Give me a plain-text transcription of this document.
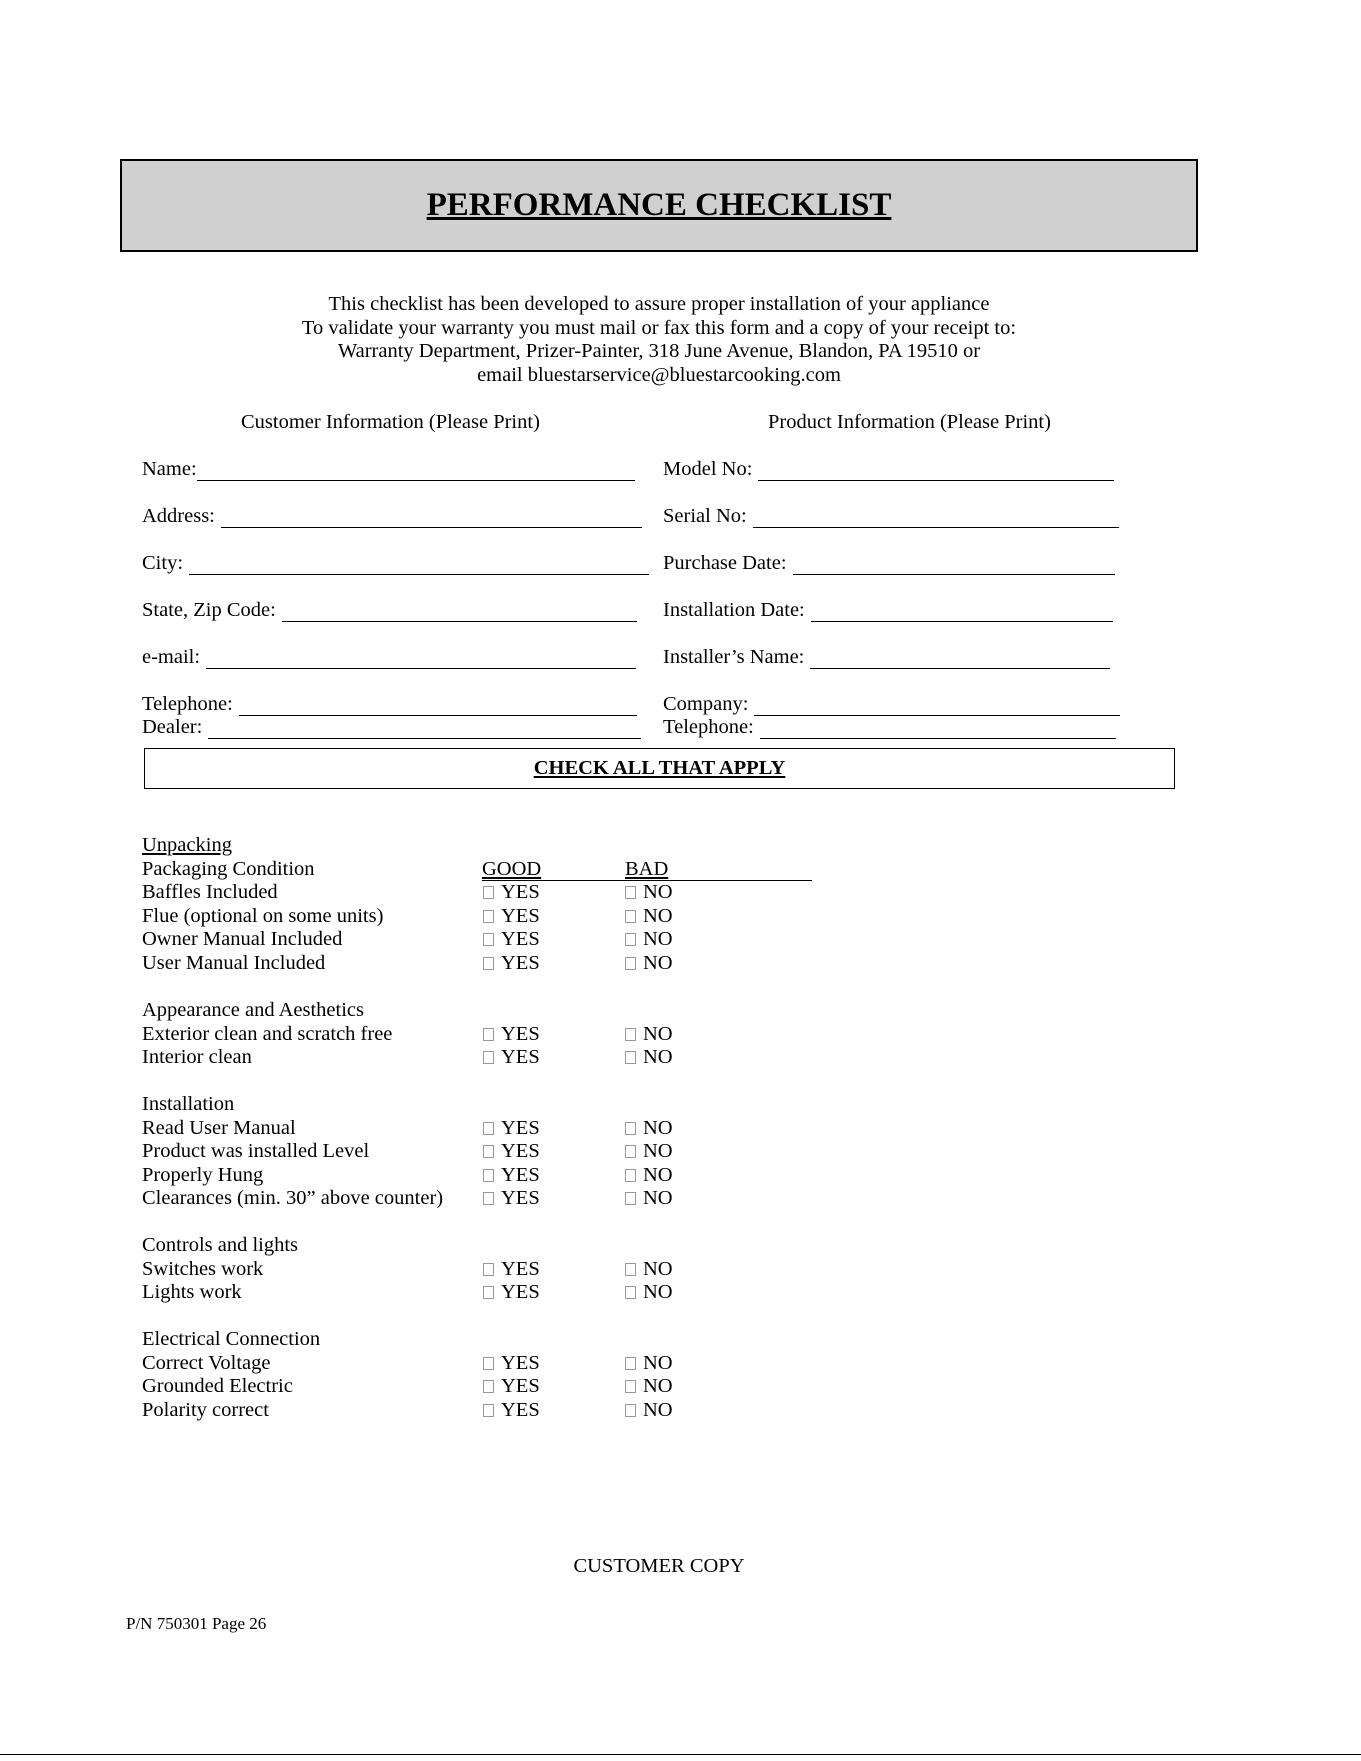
PERFORMANCE CHECKLIST
This checklist has been developed to assure proper installation of your appliance
To validate your warranty you must mail or fax this form and a copy of your receipt to:
Warranty Department, Prizer-Painter, 318 June Avenue, Blandon, PA 19510 or
email bluestarservice@bluestarcooking.com
Customer Information (Please Print)	Product Information (Please Print)
Name:
Address:
City:
State, Zip Code:
e-mail:
Telephone:
Dealer:
Model No:
Serial No:
Purchase Date:
Installation Date:
Installer’s Name:
Company:
Telephone:
CHECK ALL THAT APPLY
Unpacking
Packaging Condition	GOOD	BAD
Baffles Included	YES	NO
Flue (optional on some units)	YES	NO
Owner Manual Included	YES	NO
User Manual Included	YES	NO
Appearance and Aesthetics
Exterior clean and scratch free	YES	NO
Interior clean	YES	NO
Installation
Read User Manual	YES	NO
Product was installed Level	YES	NO
Properly Hung	YES	NO
Clearances (min. 30” above counter)	YES	NO
Controls and lights
Switches work	YES	NO
Lights work	YES	NO
Electrical Connection
Correct Voltage	YES	NO
Grounded Electric	YES	NO
Polarity correct	YES	NO
CUSTOMER COPY
P/N 750301 Page 26
